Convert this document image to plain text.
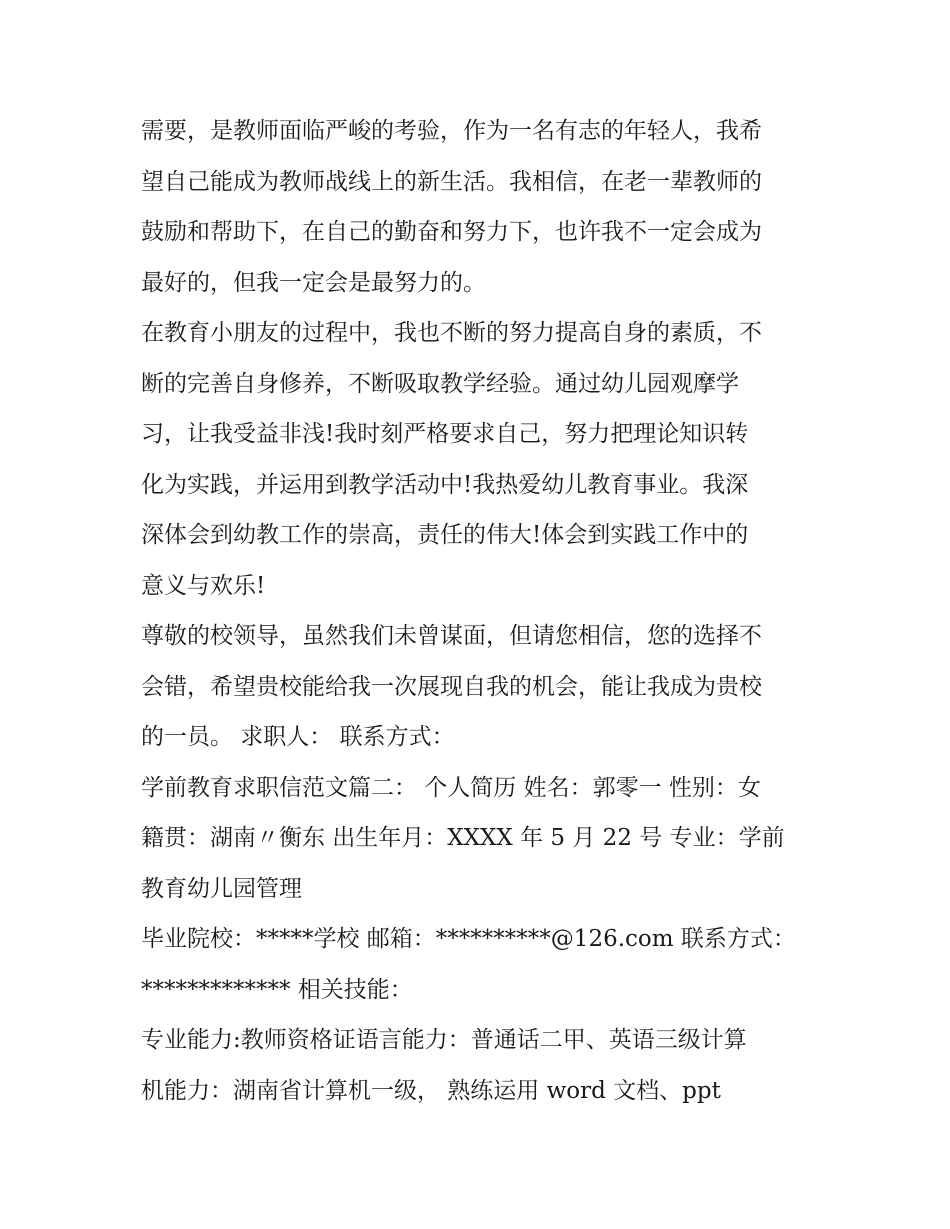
需要，是教师面临严峻的考验，作为一名有志的年轻人，我希
望自己能成为教师战线上的新生活。我相信，在老一辈教师的
鼓励和帮助下，在自己的勤奋和努力下，也许我不一定会成为
最好的，但我一定会是最努力的。
在教育小朋友的过程中，我也不断的努力提高自身的素质，不
断的完善自身修养，不断吸取教学经验。通过幼儿园观摩学
习，让我受益非浅!我时刻严格要求自己，努力把理论知识转
化为实践，并运用到教学活动中!我热爱幼儿教育事业。我深
深体会到幼教工作的崇高，责任的伟大!体会到实践工作中的
意义与欢乐!
尊敬的校领导，虽然我们未曾谋面，但请您相信，您的选择不
会错，希望贵校能给我一次展现自我的机会，能让我成为贵校
的一员。 求职人： 联系方式：
学前教育求职信范文篇二： 个人简历 姓名：郭零一 性别：女
籍贯：湖南〃衡东 出生年月：XXXX 年 5 月 22 号 专业：学前
教育幼儿园管理
毕业院校：*****学校 邮箱：**********@126.com 联系方式：
************* 相关技能：
专业能力:教师资格证语言能力：普通话二甲、英语三级计算
机能力：湖南省计算机一级， 熟练运用 word 文档、ppt
